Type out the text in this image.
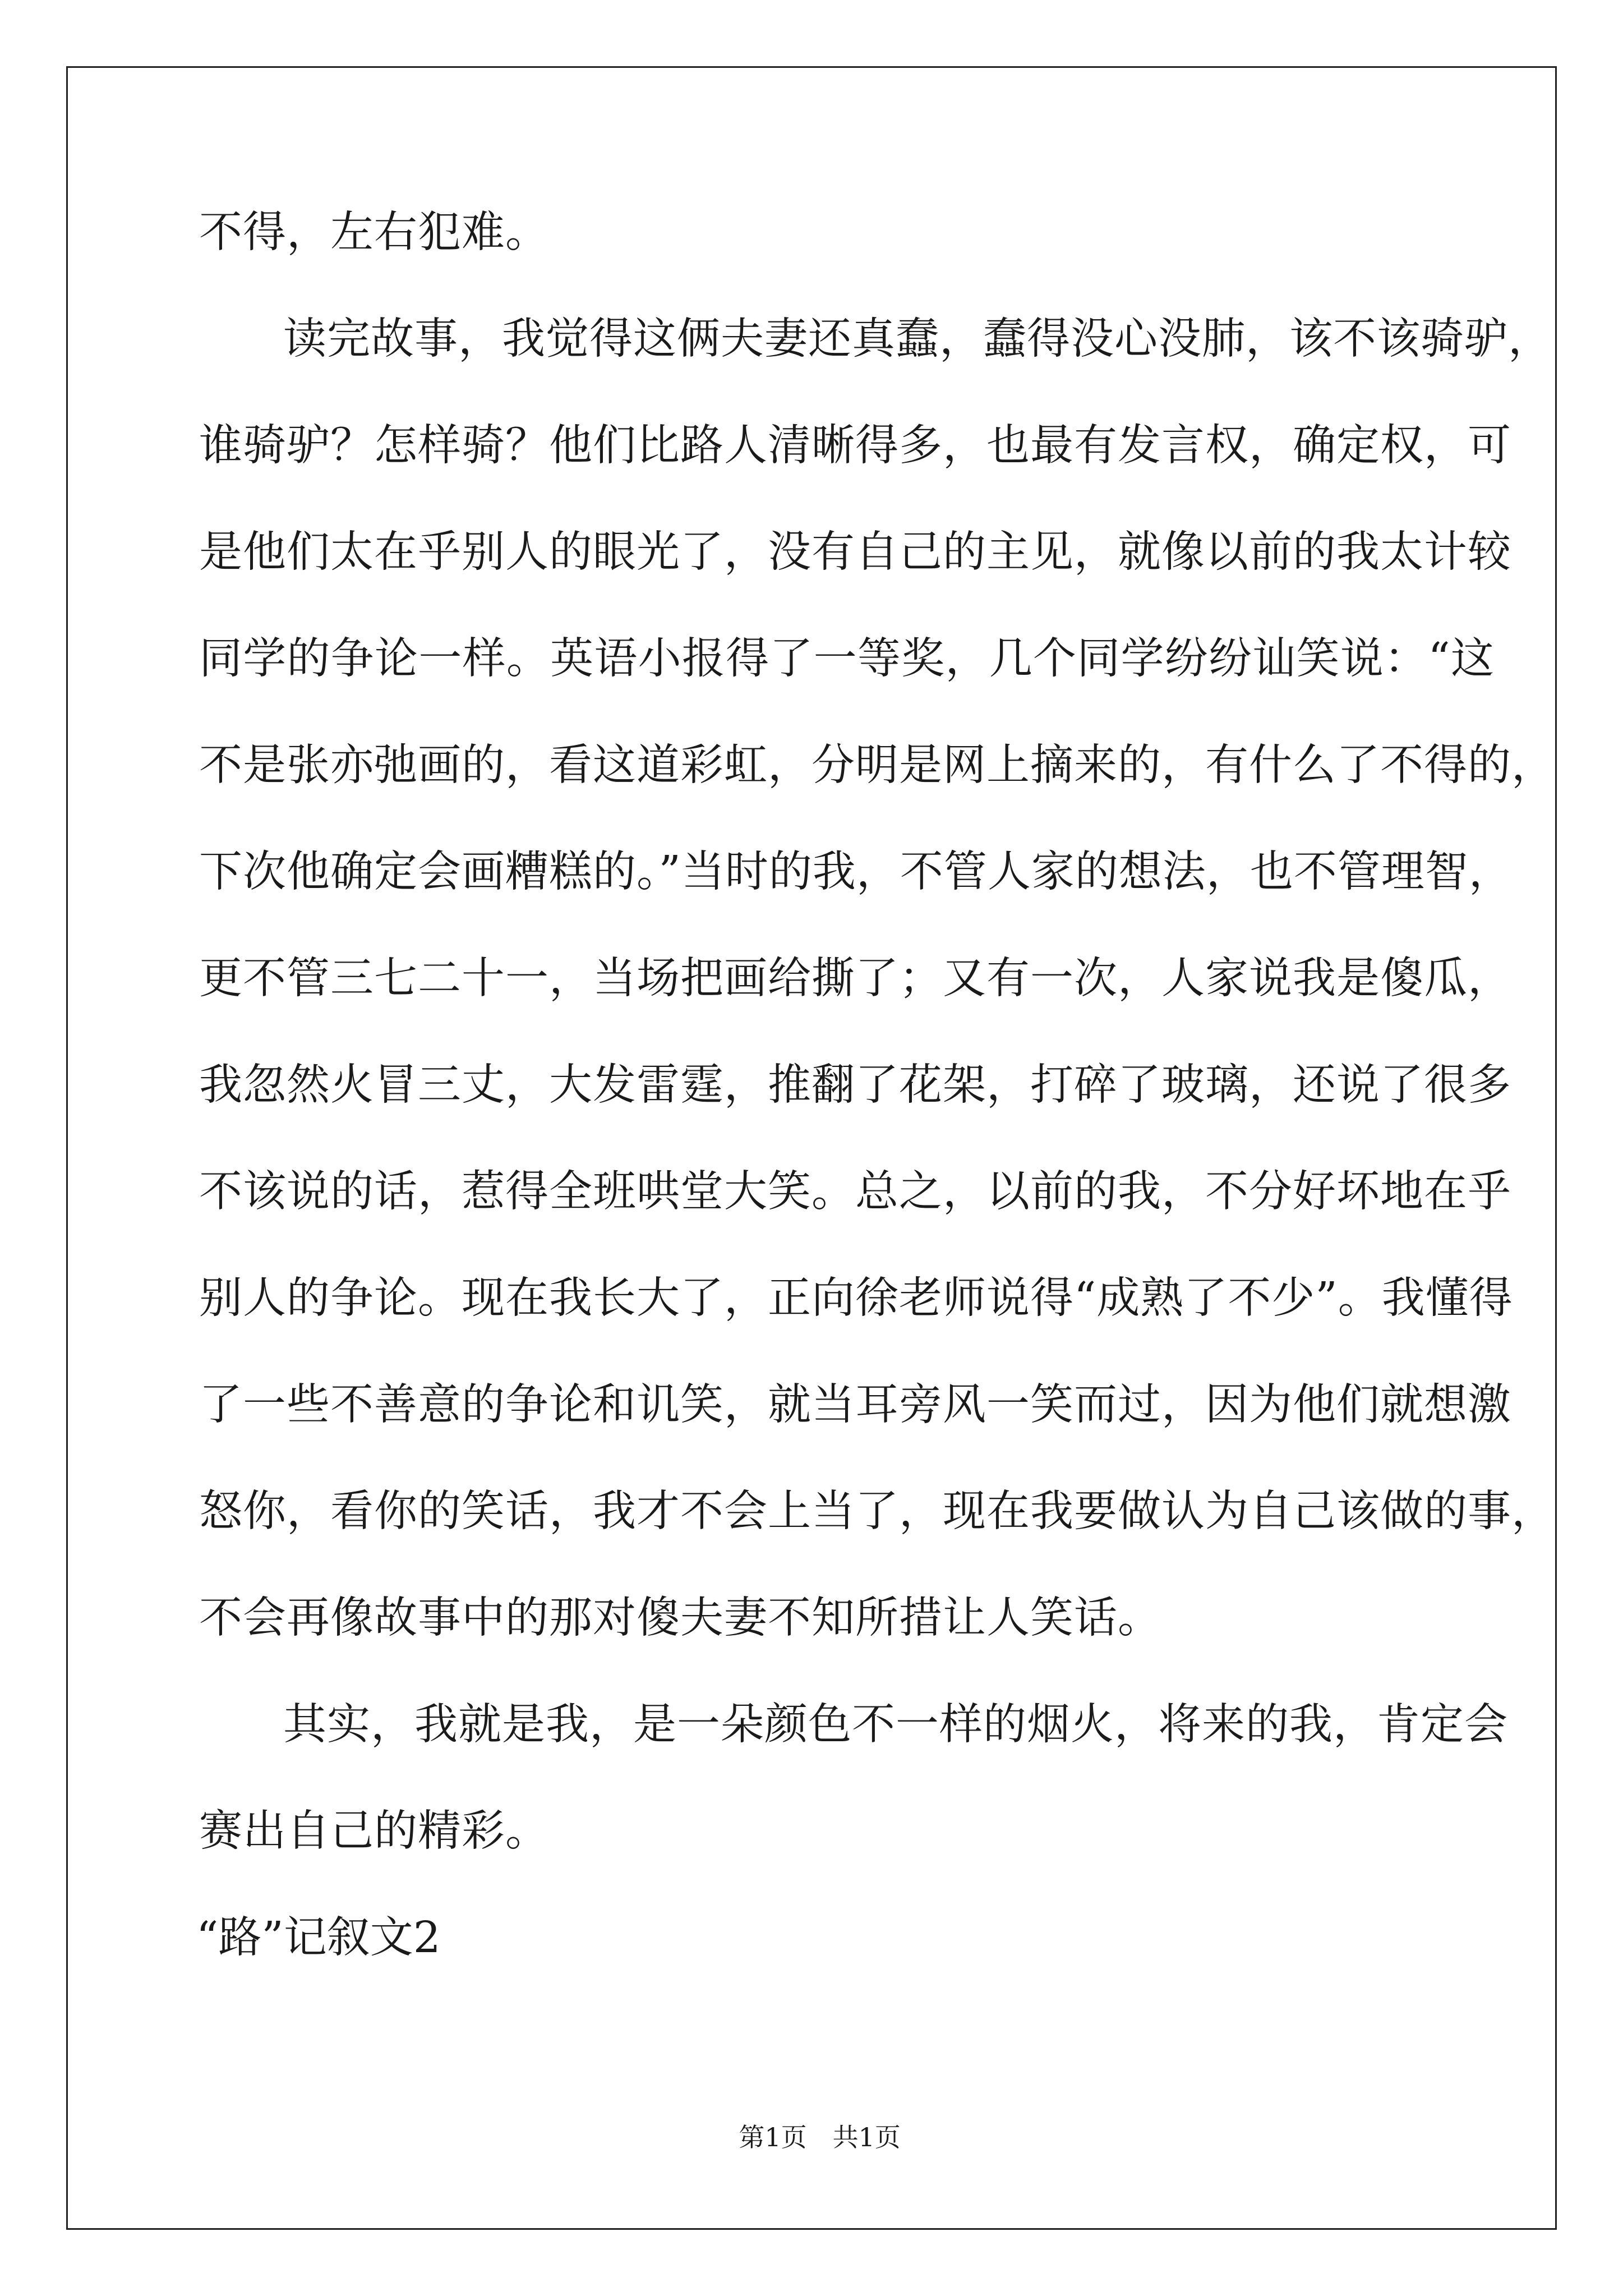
不得，左右犯难。
读完故事，我觉得这俩夫妻还真蠢，蠢得没心没肺，该不该骑驴，
谁骑驴？怎样骑？他们比路人清晰得多，也最有发言权，确定权，可
是他们太在乎别人的眼光了，没有自己的主见，就像以前的我太计较
同学的争论一样。英语小报得了一等奖，几个同学纷纷讪笑说：“这
不是张亦弛画的，看这道彩虹，分明是网上摘来的，有什么了不得的，
下次他确定会画糟糕的。”当时的我，不管人家的想法，也不管理智，
更不管三七二十一，当场把画给撕了；又有一次，人家说我是傻瓜，
我忽然火冒三丈，大发雷霆，推翻了花架，打碎了玻璃，还说了很多
不该说的话，惹得全班哄堂大笑。总之，以前的我，不分好坏地在乎
别人的争论。现在我长大了，正向徐老师说得“成熟了不少”。我懂得
了一些不善意的争论和讥笑，就当耳旁风一笑而过，因为他们就想激
怒你，看你的笑话，我才不会上当了，现在我要做认为自己该做的事，
不会再像故事中的那对傻夫妻不知所措让人笑话。
其实，我就是我，是一朵颜色不一样的烟火，将来的我，肯定会
赛出自己的精彩。
“路”记叙文2

第1页　共1页
